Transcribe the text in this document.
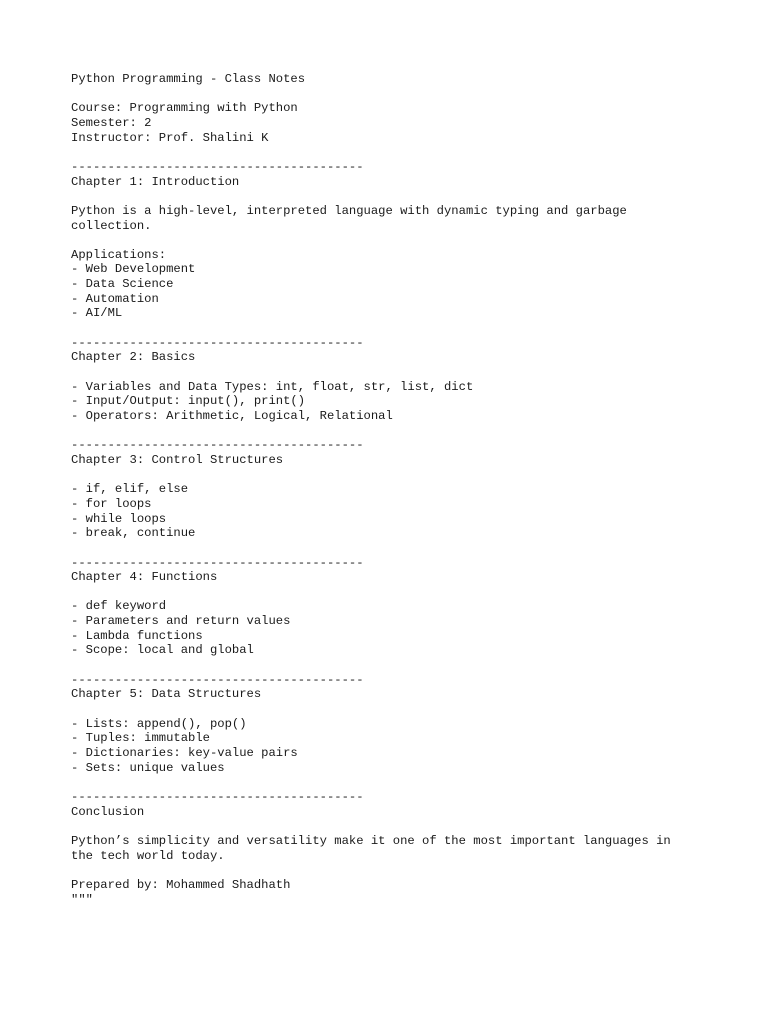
Python Programming - Class Notes
Course: Programming with Python
Semester: 2
Instructor: Prof. Shalini K
----------------------------------------
Chapter 1: Introduction
Python is a high-level, interpreted language with dynamic typing and garbage
collection.
Applications:
- Web Development
- Data Science
- Automation
- AI/ML
----------------------------------------
Chapter 2: Basics
- Variables and Data Types: int, float, str, list, dict
- Input/Output: input(), print()
- Operators: Arithmetic, Logical, Relational
----------------------------------------
Chapter 3: Control Structures
- if, elif, else
- for loops
- while loops
- break, continue
----------------------------------------
Chapter 4: Functions
- def keyword
- Parameters and return values
- Lambda functions
- Scope: local and global
----------------------------------------
Chapter 5: Data Structures
- Lists: append(), pop()
- Tuples: immutable
- Dictionaries: key-value pairs
- Sets: unique values
----------------------------------------
Conclusion
Python’s simplicity and versatility make it one of the most important languages in
the tech world today.
Prepared by: Mohammed Shadhath
"""
